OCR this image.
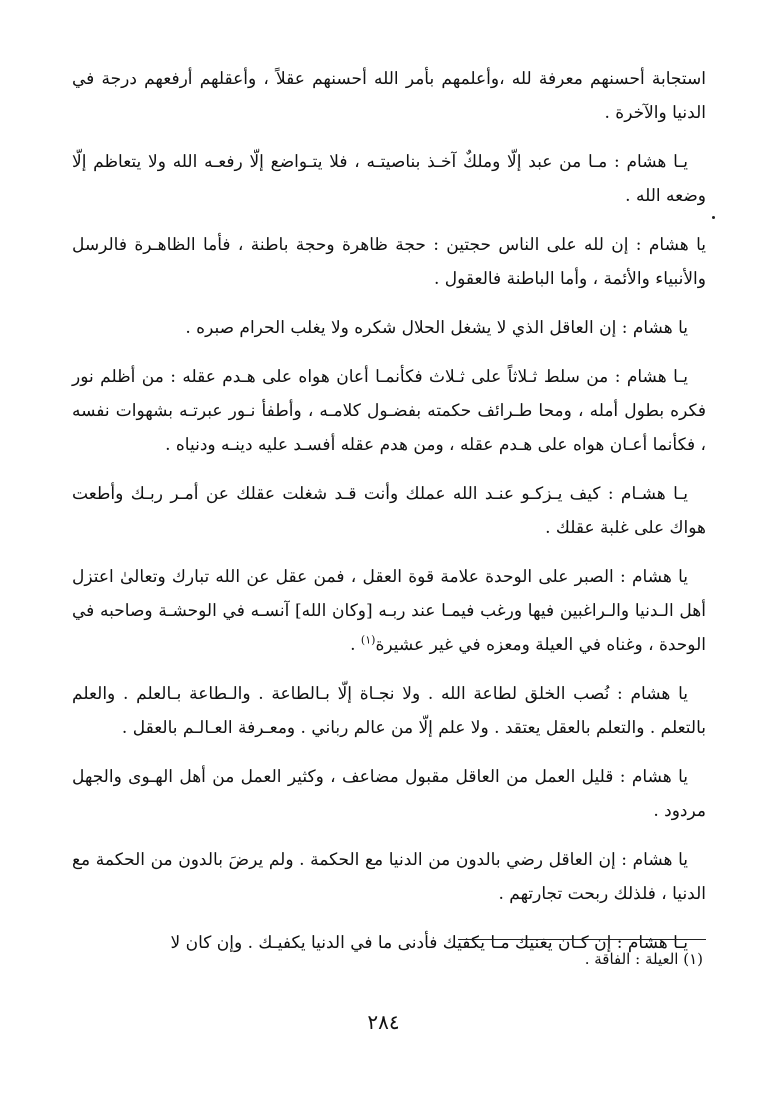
استجابة أحسنهم معرفة لله ،وأعلمهم بأمر الله أحسنهم عقلاً ، وأعقلهم أرفعهم درجة في الدنيا والآخرة .

يـا هشام : مـا من عبد إلّا وملكٌ آخـذ بناصيتـه ، فلا يتـواضع إلّا رفعـه الله ولا يتعاظم إلّا وضعه الله .

يا هشام : إن لله على الناس حجتين : حجة ظاهرة وحجة باطنة ، فأما الظاهـرة فالرسل والأنبياء والأئمة ، وأما الباطنة فالعقول .

يا هشام : إن العاقل الذي لا يشغل الحلال شكره ولا يغلب الحرام صبره .

يـا هشام : من سلط ثـلاثاً على ثـلاث فكأنمـا أعان هواه على هـدم عقله : من أظلم نور فكره بطول أمله ، ومحا طـرائف حكمته بفضـول كلامـه ، وأطفأ نـور عبرتـه بشهوات نفسه ، فكأنما أعـان هواه على هـدم عقله ، ومن هدم عقله أفسـد عليه دينـه ودنياه .

يـا هشـام : كيف يـزكـو عنـد الله عملك وأنت قـد شغلت عقلك عن أمـر ربـك وأطعت هواك على غلبة عقلك .

يا هشام : الصبر على الوحدة علامة قوة العقل ، فمن عقل عن الله تبارك وتعالىٰ اعتزل أهل الـدنيا والـراغبين فيها ورغب فيمـا عند ربـه [وكان الله] آنسـه في الوحشـة وصاحبه في الوحدة ، وغناه في العيلة ومعزه في غير عشيرة$^{(١)}$ .

يا هشام : نُصب الخلق لطاعة الله . ولا نجـاة إلّا بـالطاعة . والـطاعة بـالعلم . والعلم بالتعلم . والتعلم بالعقل يعتقد . ولا علم إلّا من عالم رباني . ومعـرفة العـالـم بالعقل .

يا هشام : قليل العمل من العاقل مقبول مضاعف ، وكثير العمل من أهل الهـوى والجهل مردود .

يا هشام : إن العاقل رضي بالدون من الدنيا مع الحكمة . ولم يرضَ بالدون من الحكمة مع الدنيا ، فلذلك ربحت تجارتهم .

يـا هشام : إن كـان يغنيك مـا يكفيك فأدنى ما في الدنيا يكفيـك . وإن كان لا

(١) العيلة : الفاقة .
٢٨٤
